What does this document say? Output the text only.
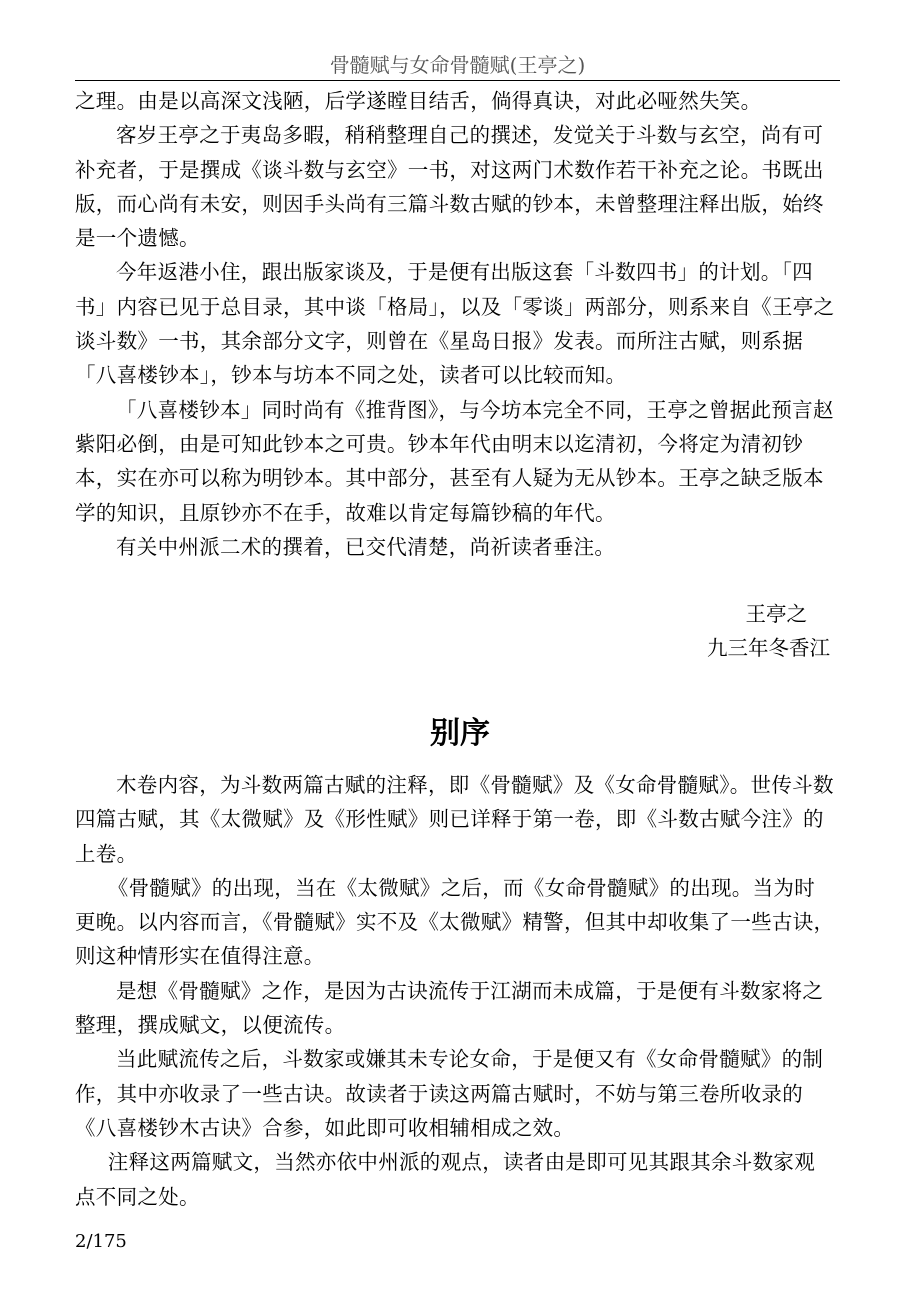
骨髓赋与女命骨髓赋(王亭之)

之理。由是以高深文浅陋，后学遂瞠目结舌，倘得真诀，对此必哑然失笑。

客岁王亭之于夷岛多暇，稍稍整理自己的撰述，发觉关于斗数与玄空，尚有可补充者，于是撰成《谈斗数与玄空》一书，对这两门术数作若干补充之论。书既出版，而心尚有未安，则因手头尚有三篇斗数古赋的钞本，未曾整理注释出版，始终是一个遗憾。

今年返港小住，跟出版家谈及，于是便有出版这套「斗数四书」的计划。「四书」内容已见于总目录，其中谈「格局」，以及「零谈」两部分，则系来自《王亭之谈斗数》一书，其余部分文字，则曾在《星岛日报》发表。而所注古赋，则系据「八喜楼钞本」，钞本与坊本不同之处，读者可以比较而知。

「八喜楼钞本」同时尚有《推背图》，与今坊本完全不同，王亭之曾据此预言赵紫阳必倒，由是可知此钞本之可贵。钞本年代由明末以迄清初，今将定为清初钞本，实在亦可以称为明钞本。其中部分，甚至有人疑为无从钞本。王亭之缺乏版本学的知识，且原钞亦不在手，故难以肯定每篇钞稿的年代。

有关中州派二术的撰着，已交代清楚，尚祈读者垂注。

王亭之
九三年冬香江
别序

木卷内容，为斗数两篇古赋的注释，即《骨髓赋》及《女命骨髓赋》。世传斗数四篇古赋，其《太微赋》及《形性赋》则已详释于第一卷，即《斗数古赋今注》的上卷。

《骨髓赋》的出现，当在《太微赋》之后，而《女命骨髓赋》的出现。当为时更晚。以内容而言，《骨髓赋》实不及《太微赋》精警，但其中却收集了一些古诀，则这种情形实在值得注意。

是想《骨髓赋》之作，是因为古诀流传于江湖而未成篇，于是便有斗数家将之整理，撰成赋文，以便流传。

当此赋流传之后，斗数家或嫌其未专论女命，于是便又有《女命骨髓赋》的制作，其中亦收录了一些古诀。故读者于读这两篇古赋时，不妨与第三卷所收录的《八喜楼钞木古诀》合参，如此即可收相辅相成之效。

注释这两篇赋文，当然亦依中州派的观点，读者由是即可见其跟其余斗数家观点不同之处。

2/175
